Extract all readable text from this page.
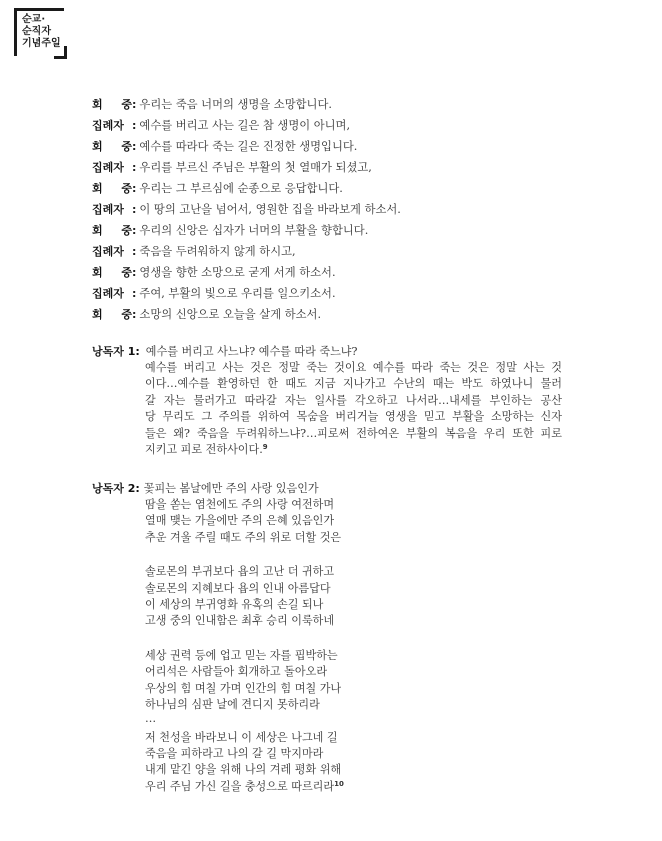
순교·
순직자
기념주일
회 중 : 우리는 죽음 너머의 생명을 소망합니다.
집례자 : 예수를 버리고 사는 길은 참 생명이 아니며,
회 중 : 예수를 따라다 죽는 길은 진정한 생명입니다.
집례자 : 우리를 부르신 주님은 부활의 첫 열매가 되셨고,
회 중 : 우리는 그 부르심에 순종으로 응답합니다.
집례자 : 이 땅의 고난을 넘어서, 영원한 집을 바라보게 하소서.
회 중 : 우리의 신앙은 십자가 너머의 부활을 향합니다.
집례자 : 죽음을 두려워하지 않게 하시고,
회 중 : 영생을 향한 소망으로 굳게 서게 하소서.
집례자 : 주여, 부활의 빛으로 우리를 일으키소서.
회 중 : 소망의 신앙으로 오늘을 살게 하소서.
낭독자 1: 예수를 버리고 사느냐? 예수를 따라 죽느냐?
예수를 버리고 사는 것은 정말 죽는 것이요 예수를 따라 죽는 것은 정말 사는 것
이다…예수를 환영하던 한 때도 지금 지나가고 수난의 때는 박도 하였나니 물러
갈 자는 물러가고 따라갈 자는 일사를 각오하고 나서라…내세를 부인하는 공산
당 무리도 그 주의를 위하여 목숨을 버리거늘 영생을 믿고 부활을 소망하는 신자
들은 왜? 죽음을 두려워하느냐?…피로써 전하여온 부활의 복음을 우리 또한 피로
지키고 피로 전하사이다.$^9$
낭독자 2: 꽃피는 봄날에만 주의 사랑 있음인가
땀을 쏟는 염천에도 주의 사랑 여전하며
열매 맺는 가을에만 주의 은혜 있음인가
추운 겨울 주릴 때도 주의 위로 더할 것은
솔로몬의 부귀보다 욥의 고난 더 귀하고
솔로몬의 지혜보다 욥의 인내 아름답다
이 세상의 부귀영화 유혹의 손길 되나
고생 중의 인내함은 최후 승리 이룩하네
세상 권력 등에 업고 믿는 자를 핍박하는
어리석은 사람들아 회개하고 돌아오라
우상의 힘 며칠 가며 인간의 힘 며칠 가나
하나님의 심판 날에 견디지 못하리라
…
저 천성을 바라보니 이 세상은 나그네 길
죽음을 피하라고 나의 갈 길 막지마라
내게 맡긴 양을 위해 나의 겨레 평화 위해
우리 주님 가신 길을 충성으로 따르리라$^{10}$
